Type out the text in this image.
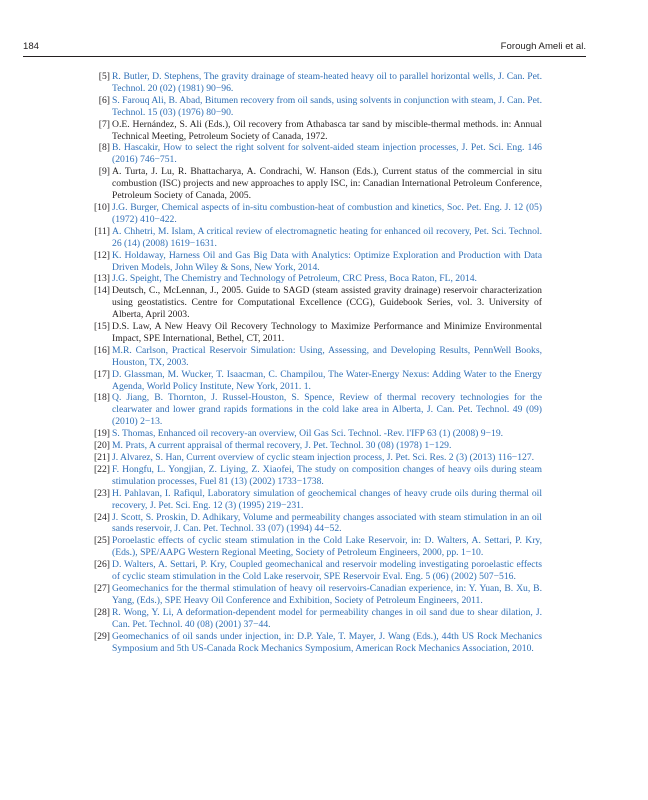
184	Forough Ameli et al.
[5] R. Butler, D. Stephens, The gravity drainage of steam-heated heavy oil to parallel horizontal wells, J. Can. Pet. Technol. 20 (02) (1981) 90−96.
[6] S. Farouq Ali, B. Abad, Bitumen recovery from oil sands, using solvents in conjunction with steam, J. Can. Pet. Technol. 15 (03) (1976) 80−90.
[7] O.E. Hernández, S. Ali (Eds.), Oil recovery from Athabasca tar sand by miscible-thermal methods. in: Annual Technical Meeting, Petroleum Society of Canada, 1972.
[8] B. Hascakir, How to select the right solvent for solvent-aided steam injection processes, J. Pet. Sci. Eng. 146 (2016) 746−751.
[9] A. Turta, J. Lu, R. Bhattacharya, A. Condrachi, W. Hanson (Eds.), Current status of the commercial in situ combustion (ISC) projects and new approaches to apply ISC, in: Canadian International Petroleum Conference, Petroleum Society of Canada, 2005.
[10] J.G. Burger, Chemical aspects of in-situ combustion-heat of combustion and kinetics, Soc. Pet. Eng. J. 12 (05) (1972) 410−422.
[11] A. Chhetri, M. Islam, A critical review of electromagnetic heating for enhanced oil recovery, Pet. Sci. Technol. 26 (14) (2008) 1619−1631.
[12] K. Holdaway, Harness Oil and Gas Big Data with Analytics: Optimize Exploration and Production with Data Driven Models, John Wiley & Sons, New York, 2014.
[13] J.G. Speight, The Chemistry and Technology of Petroleum, CRC Press, Boca Raton, FL, 2014.
[14] Deutsch, C., McLennan, J., 2005. Guide to SAGD (steam assisted gravity drainage) reservoir characterization using geostatistics. Centre for Computational Excellence (CCG), Guidebook Series, vol. 3. University of Alberta, April 2003.
[15] D.S. Law, A New Heavy Oil Recovery Technology to Maximize Performance and Minimize Environmental Impact, SPE International, Bethel, CT, 2011.
[16] M.R. Carlson, Practical Reservoir Simulation: Using, Assessing, and Developing Results, PennWell Books, Houston, TX, 2003.
[17] D. Glassman, M. Wucker, T. Isaacman, C. Champilou, The Water-Energy Nexus: Adding Water to the Energy Agenda, World Policy Institute, New York, 2011. 1.
[18] Q. Jiang, B. Thornton, J. Russel-Houston, S. Spence, Review of thermal recovery technologies for the clearwater and lower grand rapids formations in the cold lake area in Alberta, J. Can. Pet. Technol. 49 (09) (2010) 2−13.
[19] S. Thomas, Enhanced oil recovery-an overview, Oil Gas Sci. Technol. -Rev. l'IFP 63 (1) (2008) 9−19.
[20] M. Prats, A current appraisal of thermal recovery, J. Pet. Technol. 30 (08) (1978) 1−129.
[21] J. Alvarez, S. Han, Current overview of cyclic steam injection process, J. Pet. Sci. Res. 2 (3) (2013) 116−127.
[22] F. Hongfu, L. Yongjian, Z. Liying, Z. Xiaofei, The study on composition changes of heavy oils during steam stimulation processes, Fuel 81 (13) (2002) 1733−1738.
[23] H. Pahlavan, I. Rafiqul, Laboratory simulation of geochemical changes of heavy crude oils during thermal oil recovery, J. Pet. Sci. Eng. 12 (3) (1995) 219−231.
[24] J. Scott, S. Proskin, D. Adhikary, Volume and permeability changes associated with steam stimulation in an oil sands reservoir, J. Can. Pet. Technol. 33 (07) (1994) 44−52.
[25] Poroelastic effects of cyclic steam stimulation in the Cold Lake Reservoir, in: D. Walters, A. Settari, P. Kry, (Eds.), SPE/AAPG Western Regional Meeting, Society of Petroleum Engineers, 2000, pp. 1−10.
[26] D. Walters, A. Settari, P. Kry, Coupled geomechanical and reservoir modeling investigating poroelastic effects of cyclic steam stimulation in the Cold Lake reservoir, SPE Reservoir Eval. Eng. 5 (06) (2002) 507−516.
[27] Geomechanics for the thermal stimulation of heavy oil reservoirs-Canadian experience, in: Y. Yuan, B. Xu, B. Yang, (Eds.), SPE Heavy Oil Conference and Exhibition, Society of Petroleum Engineers, 2011.
[28] R. Wong, Y. Li, A deformation-dependent model for permeability changes in oil sand due to shear dilation, J. Can. Pet. Technol. 40 (08) (2001) 37−44.
[29] Geomechanics of oil sands under injection, in: D.P. Yale, T. Mayer, J. Wang (Eds.), 44th US Rock Mechanics Symposium and 5th US-Canada Rock Mechanics Symposium, American Rock Mechanics Association, 2010.
